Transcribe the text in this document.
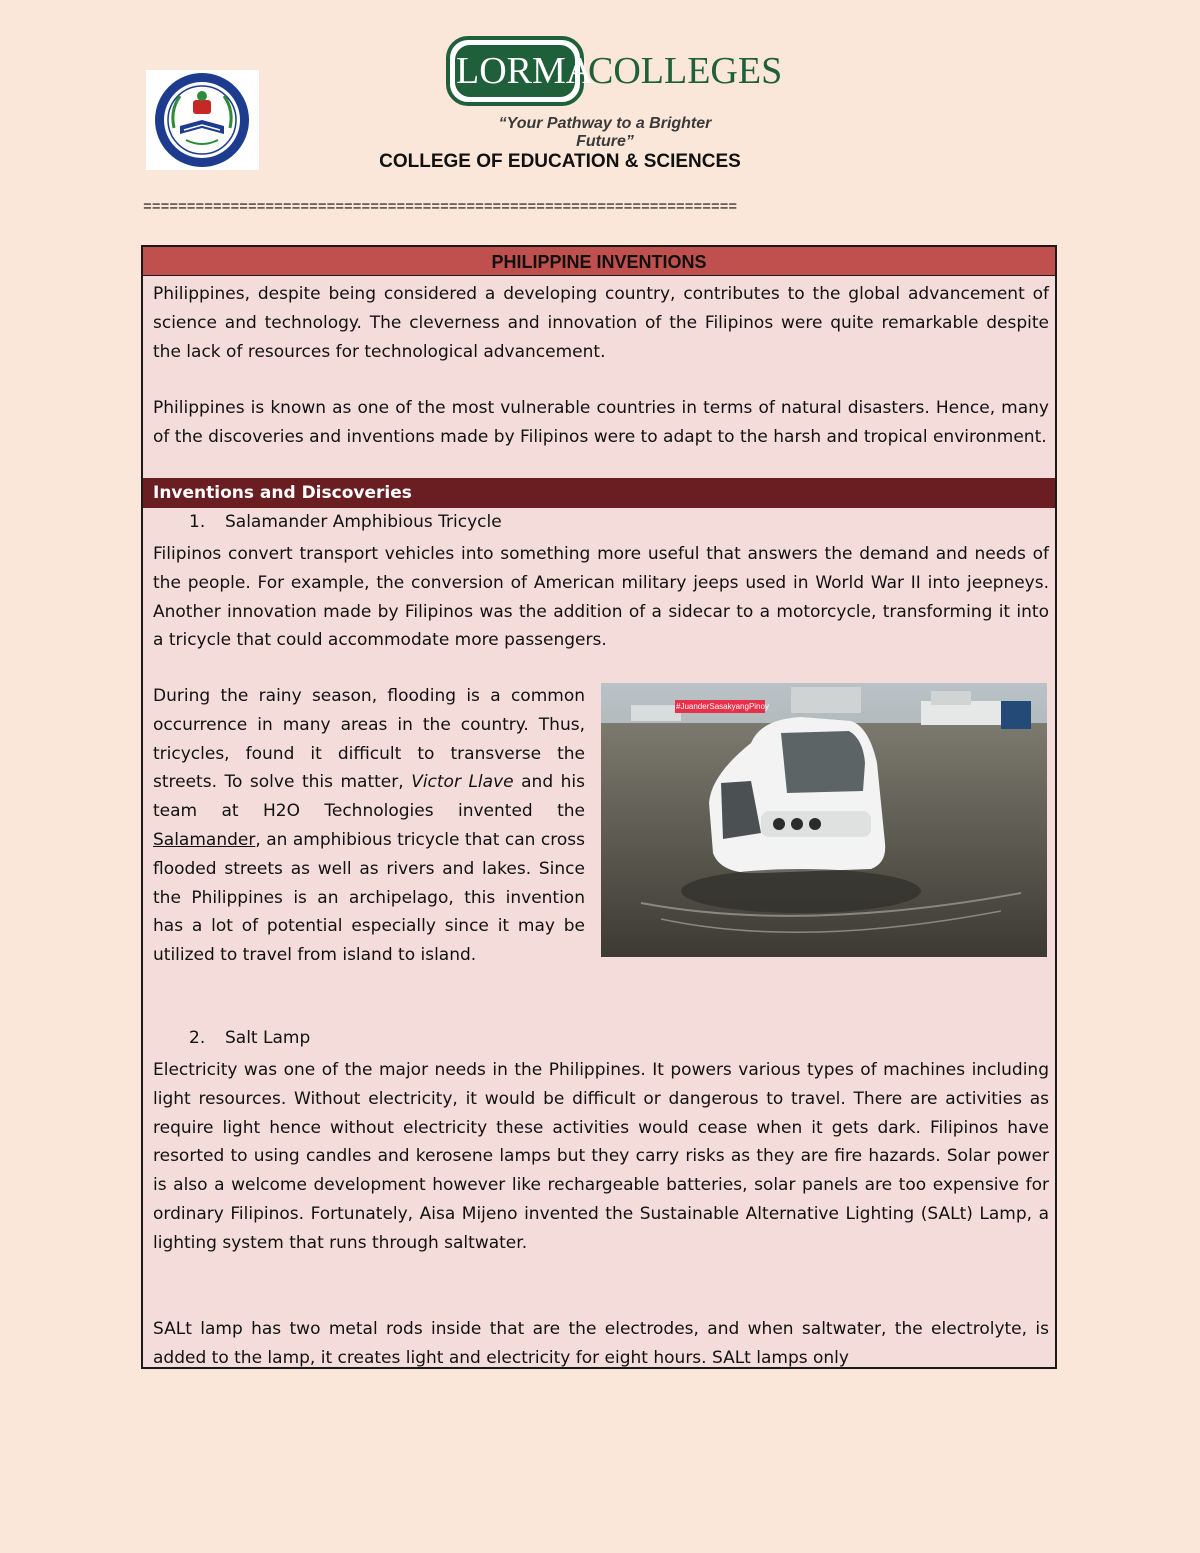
LORMA
COLLEGES
“Your Pathway to a Brighter Future”
COLLEGE OF EDUCATION & SCIENCES
====================================================================
PHILIPPINE INVENTIONS
Philippines, despite being considered a developing country, contributes to the global advancement of science and technology. The cleverness and innovation of the Filipinos were quite remarkable despite the lack of resources for technological advancement.
Philippines is known as one of the most vulnerable countries in terms of natural disasters. Hence, many of the discoveries and inventions made by Filipinos were to adapt to the harsh and tropical environment.
Inventions and Discoveries
1. Salamander Amphibious Tricycle
Filipinos convert transport vehicles into something more useful that answers the demand and needs of the people. For example, the conversion of American military jeeps used in World War II into jeepneys. Another innovation made by Filipinos was the addition of a sidecar to a motorcycle, transforming it into a tricycle that could accommodate more passengers.
During the rainy season, flooding is a common occurrence in many areas in the country. Thus, tricycles, found it difficult to transverse the streets. To solve this matter, Victor Llave and his team at H2O Technologies invented the Salamander, an amphibious tricycle that can cross flooded streets as well as rivers and lakes. Since the Philippines is an archipelago, this invention has a lot of potential especially since it may be utilized to travel from island to island.
#JuanderSasakyangPinoy
2. Salt Lamp
Electricity was one of the major needs in the Philippines. It powers various types of machines including light resources. Without electricity, it would be difficult or dangerous to travel. There are activities as require light hence without electricity these activities would cease when it gets dark. Filipinos have resorted to using candles and kerosene lamps but they carry risks as they are fire hazards. Solar power is also a welcome development however like rechargeable batteries, solar panels are too expensive for ordinary Filipinos. Fortunately, Aisa Mijeno invented the Sustainable Alternative Lighting (SALt) Lamp, a lighting system that runs through saltwater.
SALt lamp has two metal rods inside that are the electrodes, and when saltwater, the electrolyte, is added to the lamp, it creates light and electricity for eight hours. SALt lamps only
